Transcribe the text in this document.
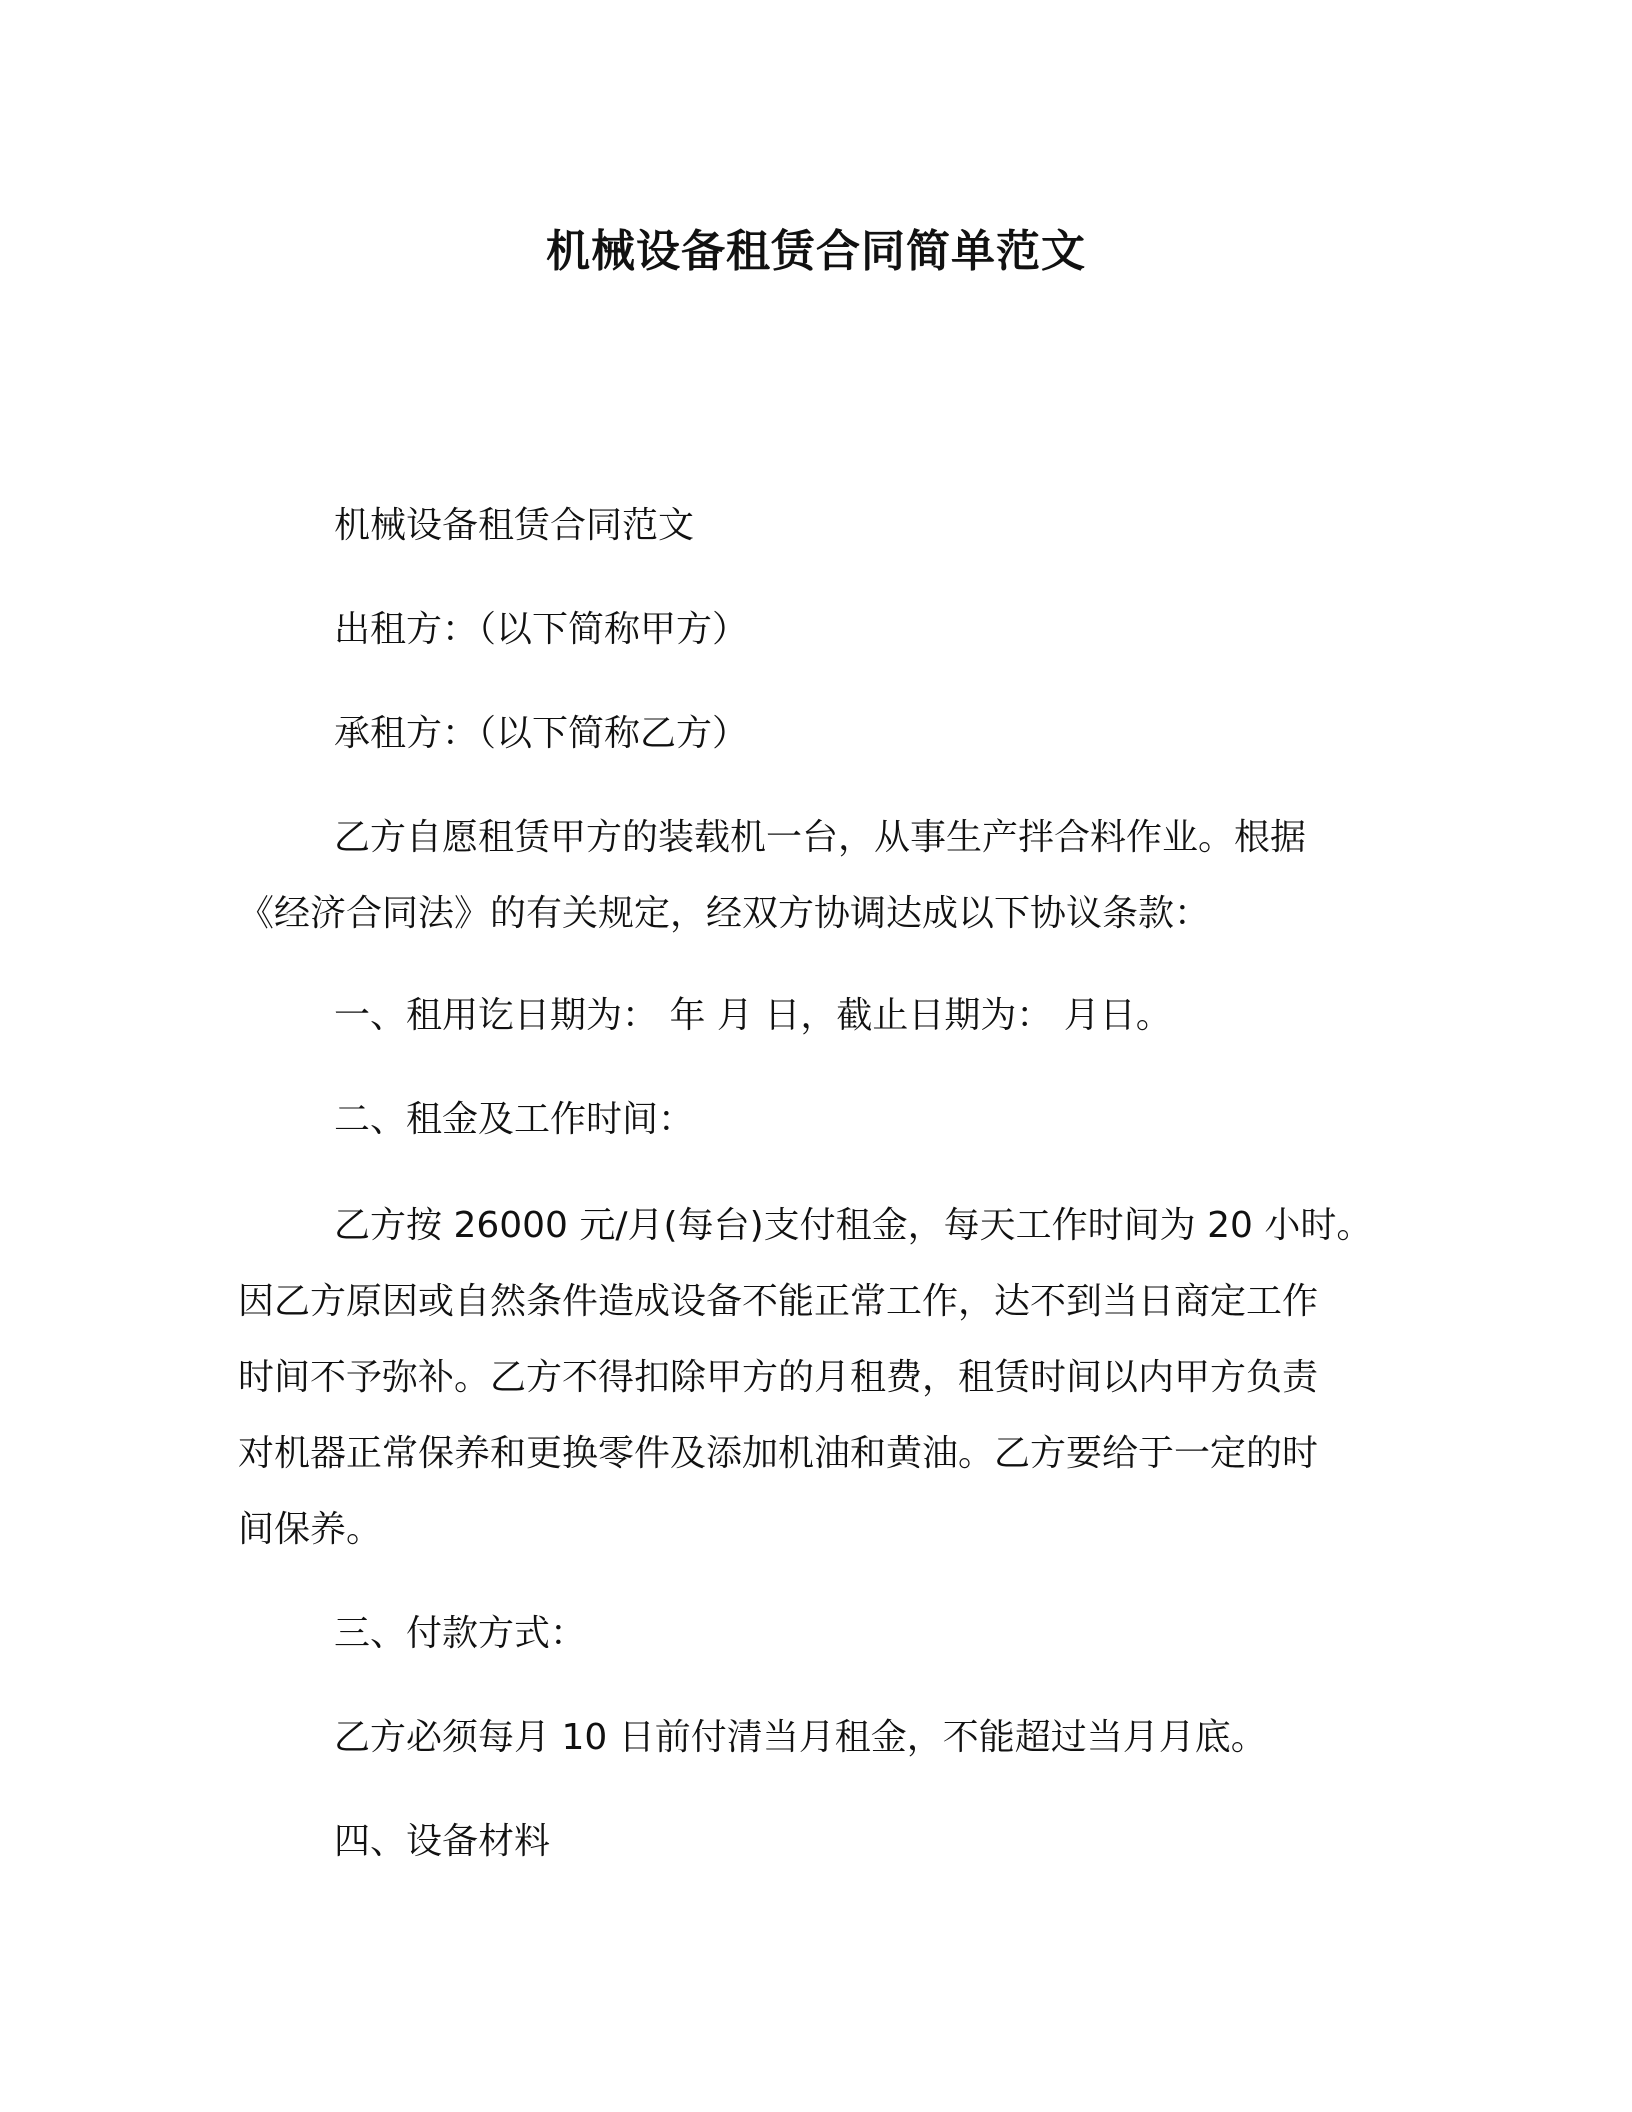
机械设备租赁合同简单范文

机械设备租赁合同范文

出租方：（以下简称甲方）

承租方：（以下简称乙方）

乙方自愿租赁甲方的装载机一台，从事生产拌合料作业。根据

《经济合同法》的有关规定，经双方协调达成以下协议条款：

一、租用讫日期为： 年 月 日，截止日期为： 月日。

二、租金及工作时间：

乙方按 26000 元/月(每台)支付租金，每天工作时间为 20 小时。

因乙方原因或自然条件造成设备不能正常工作，达不到当日商定工作

时间不予弥补。乙方不得扣除甲方的月租费，租赁时间以内甲方负责

对机器正常保养和更换零件及添加机油和黄油。乙方要给于一定的时

间保养。

三、付款方式：

乙方必须每月 10 日前付清当月租金，不能超过当月月底。

四、设备材料
